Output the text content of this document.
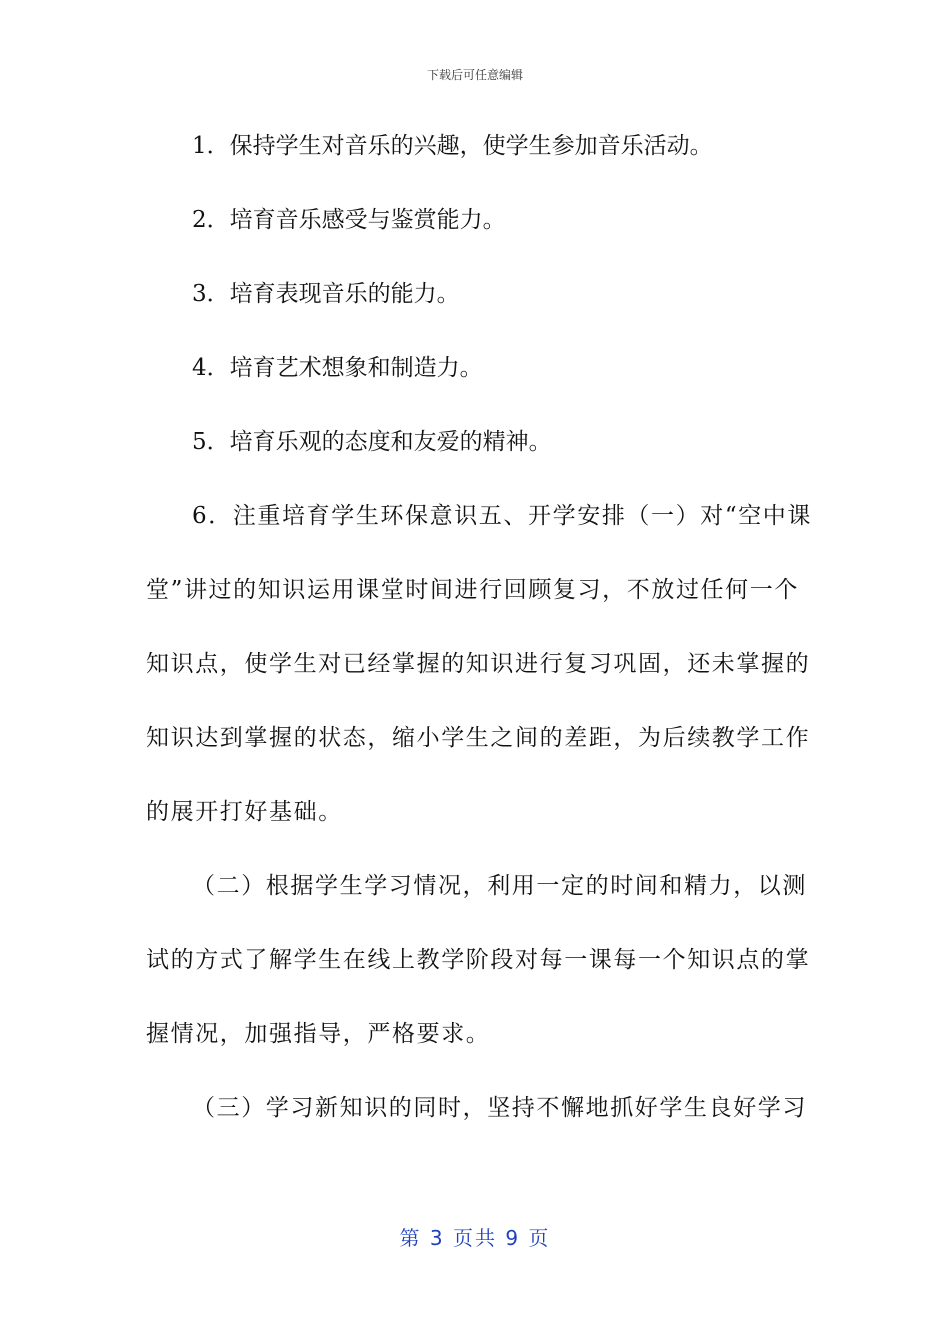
下载后可任意编辑
1．保持学生对音乐的兴趣，使学生参加音乐活动。
2．培育音乐感受与鉴赏能力。
3．培育表现音乐的能力。
4．培育艺术想象和制造力。
5．培育乐观的态度和友爱的精神。
6．注重培育学生环保意识五、开学安排（一）对“空中课
堂”讲过的知识运用课堂时间进行回顾复习，不放过任何一个
知识点，使学生对已经掌握的知识进行复习巩固，还未掌握的
知识达到掌握的状态，缩小学生之间的差距，为后续教学工作
的展开打好基础。
（二）根据学生学习情况，利用一定的时间和精力，以测
试的方式了解学生在线上教学阶段对每一课每一个知识点的掌
握情况，加强指导，严格要求。
（三）学习新知识的同时，坚持不懈地抓好学生良好学习
第 3 页共 9 页
